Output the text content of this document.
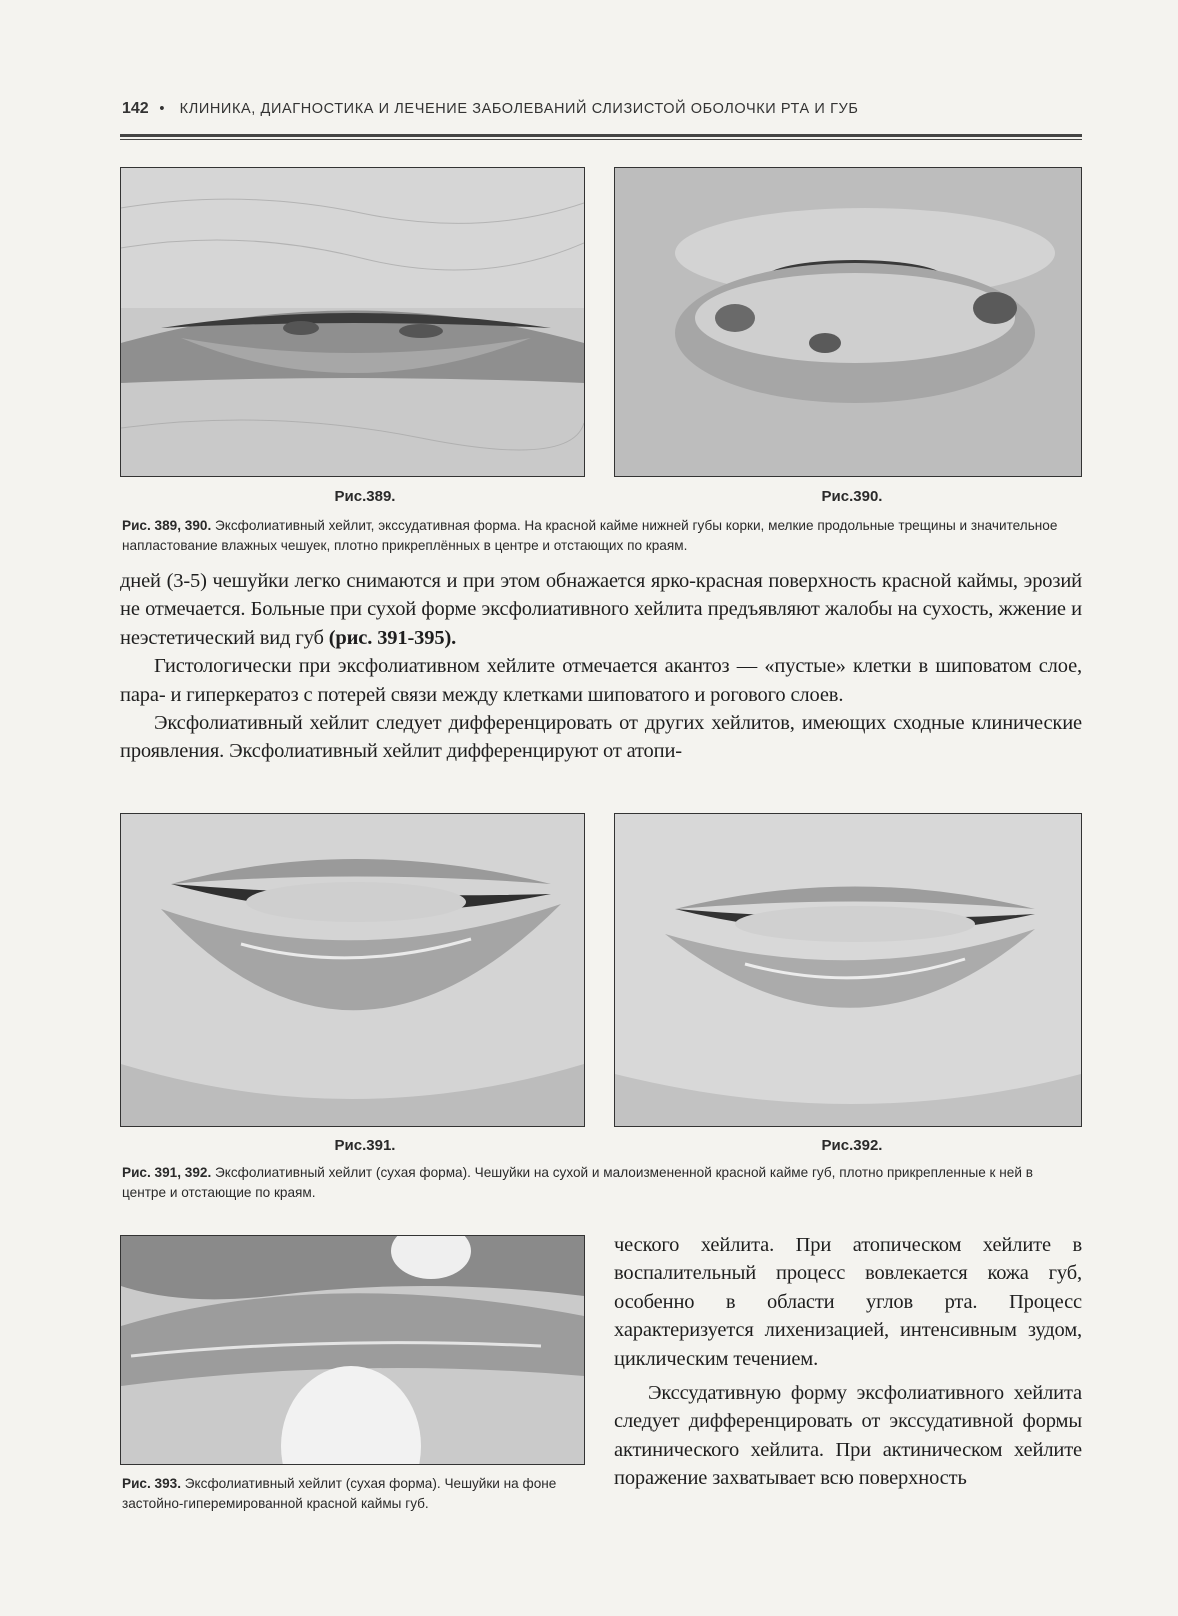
142 • КЛИНИКА, ДИАГНОСТИКА И ЛЕЧЕНИЕ ЗАБОЛЕВАНИЙ СЛИЗИСТОЙ ОБОЛОЧКИ РТА И ГУБ
Рис.389.	Рис.390.
Рис. 389, 390. Эксфолиативный хейлит, экссудативная форма. На красной кайме нижней губы корки, мелкие продольные трещины и значительное напластование влажных чешуек, плотно прикреплённых в центре и отстающих по краям.

дней (3-5) чешуйки легко снимаются и при этом обнажается ярко-красная поверхность красной каймы, эрозий не отмечается. Больные при сухой форме эксфолиативного хейлита предъявляют жалобы на сухость, жжение и неэстетический вид губ (рис. 391-395).

Гистологически при эксфолиативном хейлите отмечается акантоз — «пустые» клетки в шиповатом слое, пара- и гиперкератоз с потерей связи между клетками шиповатого и рогового слоев.

Эксфолиативный хейлит следует дифференцировать от других хейлитов, имеющих сходные клинические проявления. Эксфолиативный хейлит дифференцируют от атопи-

Рис.391.	Рис.392.
Рис. 391, 392. Эксфолиативный хейлит (сухая форма). Чешуйки на сухой и малоизмененной красной кайме губ, плотно прикрепленные к ней в центре и отстающие по краям.
Рис. 393. Эксфолиативный хейлит (сухая форма). Чешуйки на фоне застойно-гиперемированной красной каймы губ.

ческого хейлита. При атопическом хейлите в воспалительный процесс вовлекается кожа губ, особенно в области углов рта. Процесс характеризуется лихенизацией, интенсивным зудом, циклическим течением.

Экссудативную форму эксфолиативного хейлита следует дифференцировать от экссудативной формы актинического хейлита. При актиническом хейлите поражение захватывает всю поверхность
